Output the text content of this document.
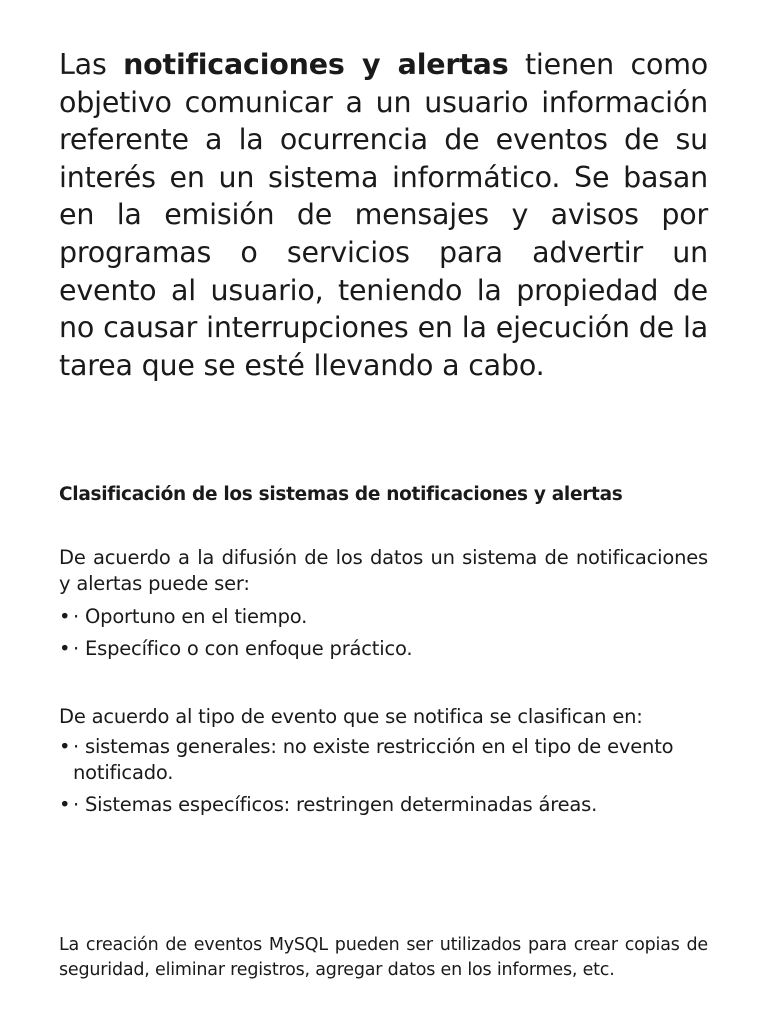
Las notificaciones y alertas tienen como objetivo comunicar a un usuario información referente a la ocurrencia de eventos de su interés en un sistema informático. Se basan en la emisión de mensajes y avisos por programas o servicios para advertir un evento al usuario, teniendo la propiedad de no causar interrupciones en la ejecución de la tarea que se esté llevando a cabo.

Clasificación de los sistemas de notificaciones y alertas

De acuerdo a la difusión de los datos un sistema de notificaciones y alertas puede ser:

• · Oportuno en el tiempo.
• · Específico o con enfoque práctico.

De acuerdo al tipo de evento que se notifica se clasifican en:

• · sistemas generales: no existe restricción en el tipo de evento notificado.
• · Sistemas específicos: restringen determinadas áreas.

La creación de eventos MySQL pueden ser utilizados para crear copias de seguridad, eliminar registros, agregar datos en los informes, etc.
